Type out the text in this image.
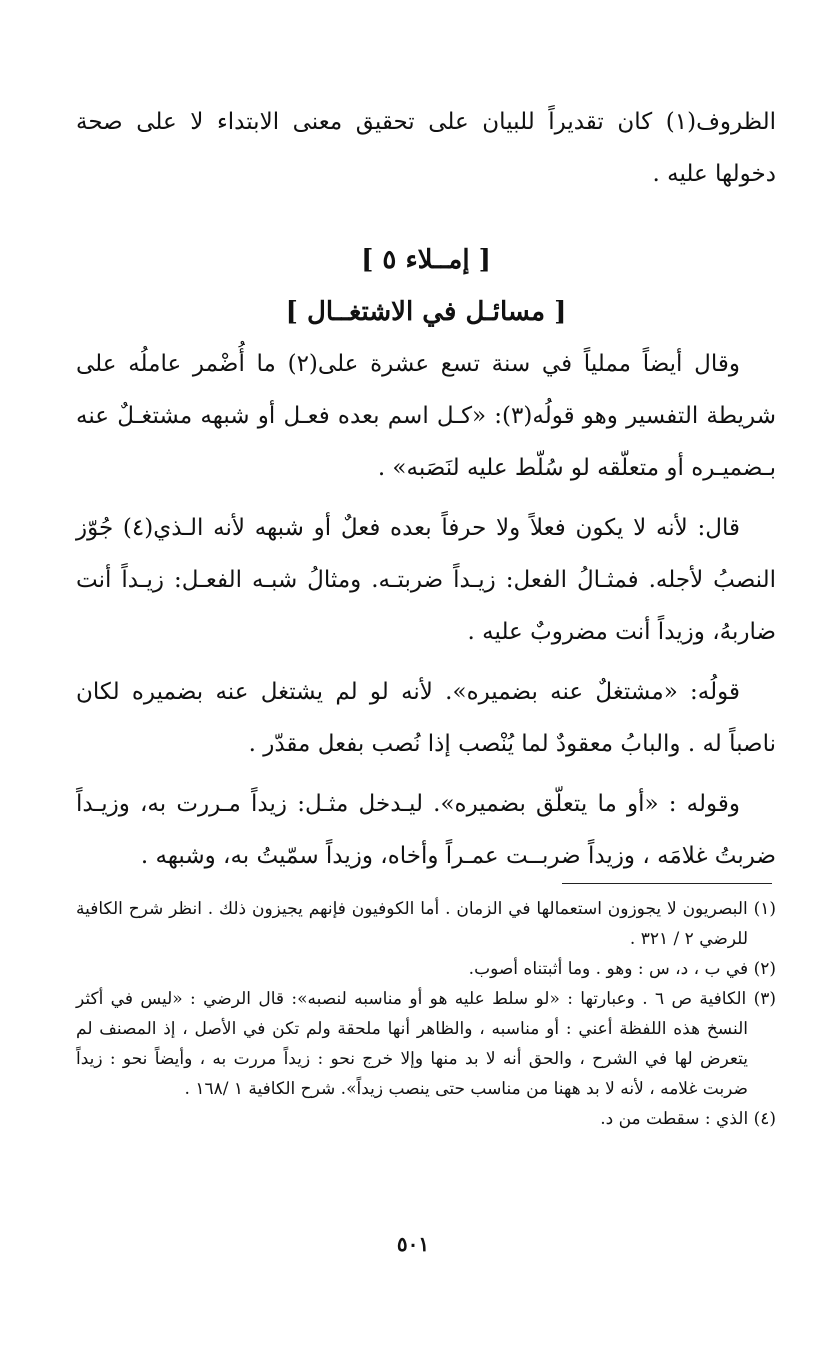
الظروف(١) كان تقديراً للبيان على تحقيق معنى الابتداء لا على صحة دخولها عليه .

[ إمــلاء ٥ ]

[ مسائـل في الاشتغــال ]

وقال أيضاً مملياً في سنة تسع عشرة على(٢) ما أُضْمر عاملُه على شريطة التفسير وهو قولُه(٣): «كـل اسم بعده فعـل أو شبهه مشتغـلٌ عنه بـضميـره أو متعلّقه لو سُلّط عليه لنَصَبه» .

قال: لأنه لا يكون فعلاً ولا حرفاً بعده فعلٌ أو شبهه لأنه الـذي(٤) جُوّز النصبُ لأجله. فمثـالُ الفعل: زيـداً ضربتـه. ومثالُ شبـه الفعـل: زيـداً أنت ضاربهُ، وزيداً أنت مضروبٌ عليه .

قولُه: «مشتغلٌ عنه بضميره». لأنه لو لم يشتغل عنه بضميره لكان ناصباً له . والبابُ معقودٌ لما يُنْصب إذا نُصب بفعل مقدّر .

وقوله : «أو ما يتعلّق بضميره». ليـدخل مثـل: زيداً مـررت به، وزيـداً ضربتُ غلامَه ، وزيداً ضربــت عمـراً وأخاه، وزيداً سمّيتُ به، وشبهه .

(١) البصريون لا يجوزون استعمالها في الزمان . أما الكوفيون فإنهم يجيزون ذلك . انظر شرح الكافية للرضي ٢ / ٣٢١ .

(٢) في ب ، د، س : وهو . وما أثبتناه أصوب.

(٣) الكافية ص ٦ . وعبارتها : «لو سلط عليه هو أو مناسبه لنصبه»: قال الرضي : «ليس في أكثر النسخ هذه اللفظة أعني : أو مناسبه ، والظاهر أنها ملحقة ولم تكن في الأصل ، إذ المصنف لم يتعرض لها في الشرح ، والحق أنه لا بد منها وإلا خرج نحو : زيداً مررت به ، وأيضاً نحو : زيداً ضربت غلامه ، لأنه لا بد ههنا من مناسب حتى ينصب زيداً». شرح الكافية ١ /١٦٨ .

(٤) الذي : سقطت من د.

٥٠١
